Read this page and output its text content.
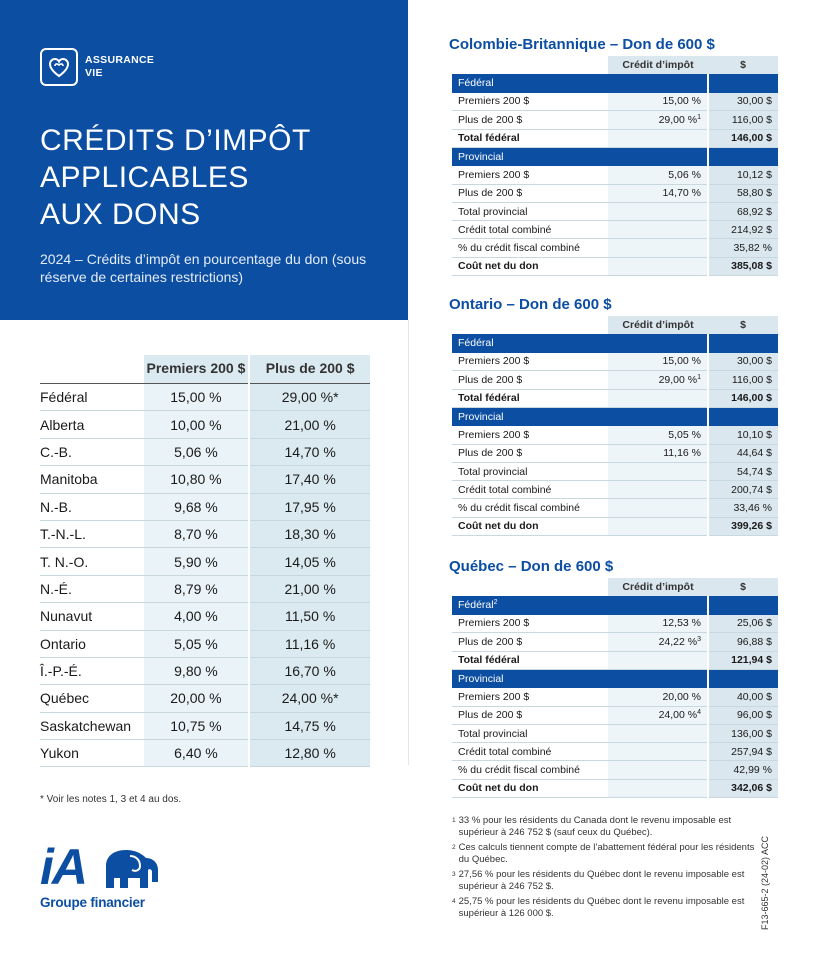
ASSURANCE
VIE
CRÉDITS D’IMPÔT
APPLICABLES
AUX DONS
2024 – Crédits d’impôt en pourcentage du don (sous réserve de certaines restrictions)
	Premiers 200 $	Plus de 200 $
Fédéral	15,00 %	29,00 %*
Alberta	10,00 %	21,00 %
C.-B.	5,06 %	14,70 %
Manitoba	10,80 %	17,40 %
N.-B.	9,68 %	17,95 %
T.-N.-L.	8,70 %	18,30 %
T. N.-O.	5,90 %	14,05 %
N.-É.	8,79 %	21,00 %
Nunavut	4,00 %	11,50 %
Ontario	5,05 %	11,16 %
Î.-P.-É.	9,80 %	16,70 %
Québec	20,00 %	24,00 %*
Saskatchewan	10,75 %	14,75 %
Yukon	6,40 %	12,80 %
* Voir les notes 1, 3 et 4 au dos.
iA
Groupe financier
Colombie-Britannique – Don de 600 $
	Crédit d’impôt	$
Fédéral		
Premiers 200 $	15,00 %	30,00 $
Plus de 200 $	29,00 %$^1$	116,00 $
Total fédéral		146,00 $
Provincial		
Premiers 200 $	5,06 %	10,12 $
Plus de 200 $	14,70 %	58,80 $
Total provincial		68,92 $
Crédit total combiné		214,92 $
% du crédit fiscal combiné		35,82 %
Coût net du don		385,08 $
Ontario – Don de 600 $
	Crédit d’impôt	$
Fédéral		
Premiers 200 $	15,00 %	30,00 $
Plus de 200 $	29,00 %$^1$	116,00 $
Total fédéral		146,00 $
Provincial		
Premiers 200 $	5,05 %	10,10 $
Plus de 200 $	11,16 %	44,64 $
Total provincial		54,74 $
Crédit total combiné		200,74 $
% du crédit fiscal combiné		33,46 %
Coût net du don		399,26 $
Québec – Don de 600 $
	Crédit d’impôt	$
Fédéral$^2$		
Premiers 200 $	12,53 %	25,06 $
Plus de 200 $	24,22 %$^3$	96,88 $
Total fédéral		121,94 $
Provincial		
Premiers 200 $	20,00 %	40,00 $
Plus de 200 $	24,00 %$^4$	96,00 $
Total provincial		136,00 $
Crédit total combiné		257,94 $
% du crédit fiscal combiné		42,99 %
Coût net du don		342,06 $
$^1$ 33 % pour les résidents du Canada dont le revenu imposable est supérieur à 246 752 $ (sauf ceux du Québec).
$^2$ Ces calculs tiennent compte de l’abattement fédéral pour les résidents du Québec.
$^3$ 27,56 % pour les résidents du Québec dont le revenu imposable est supérieur à 246 752 $.
$^4$ 25,75 % pour les résidents du Québec dont le revenu imposable est supérieur à 126 000 $.	F13-665-2 (24-02) ACC
